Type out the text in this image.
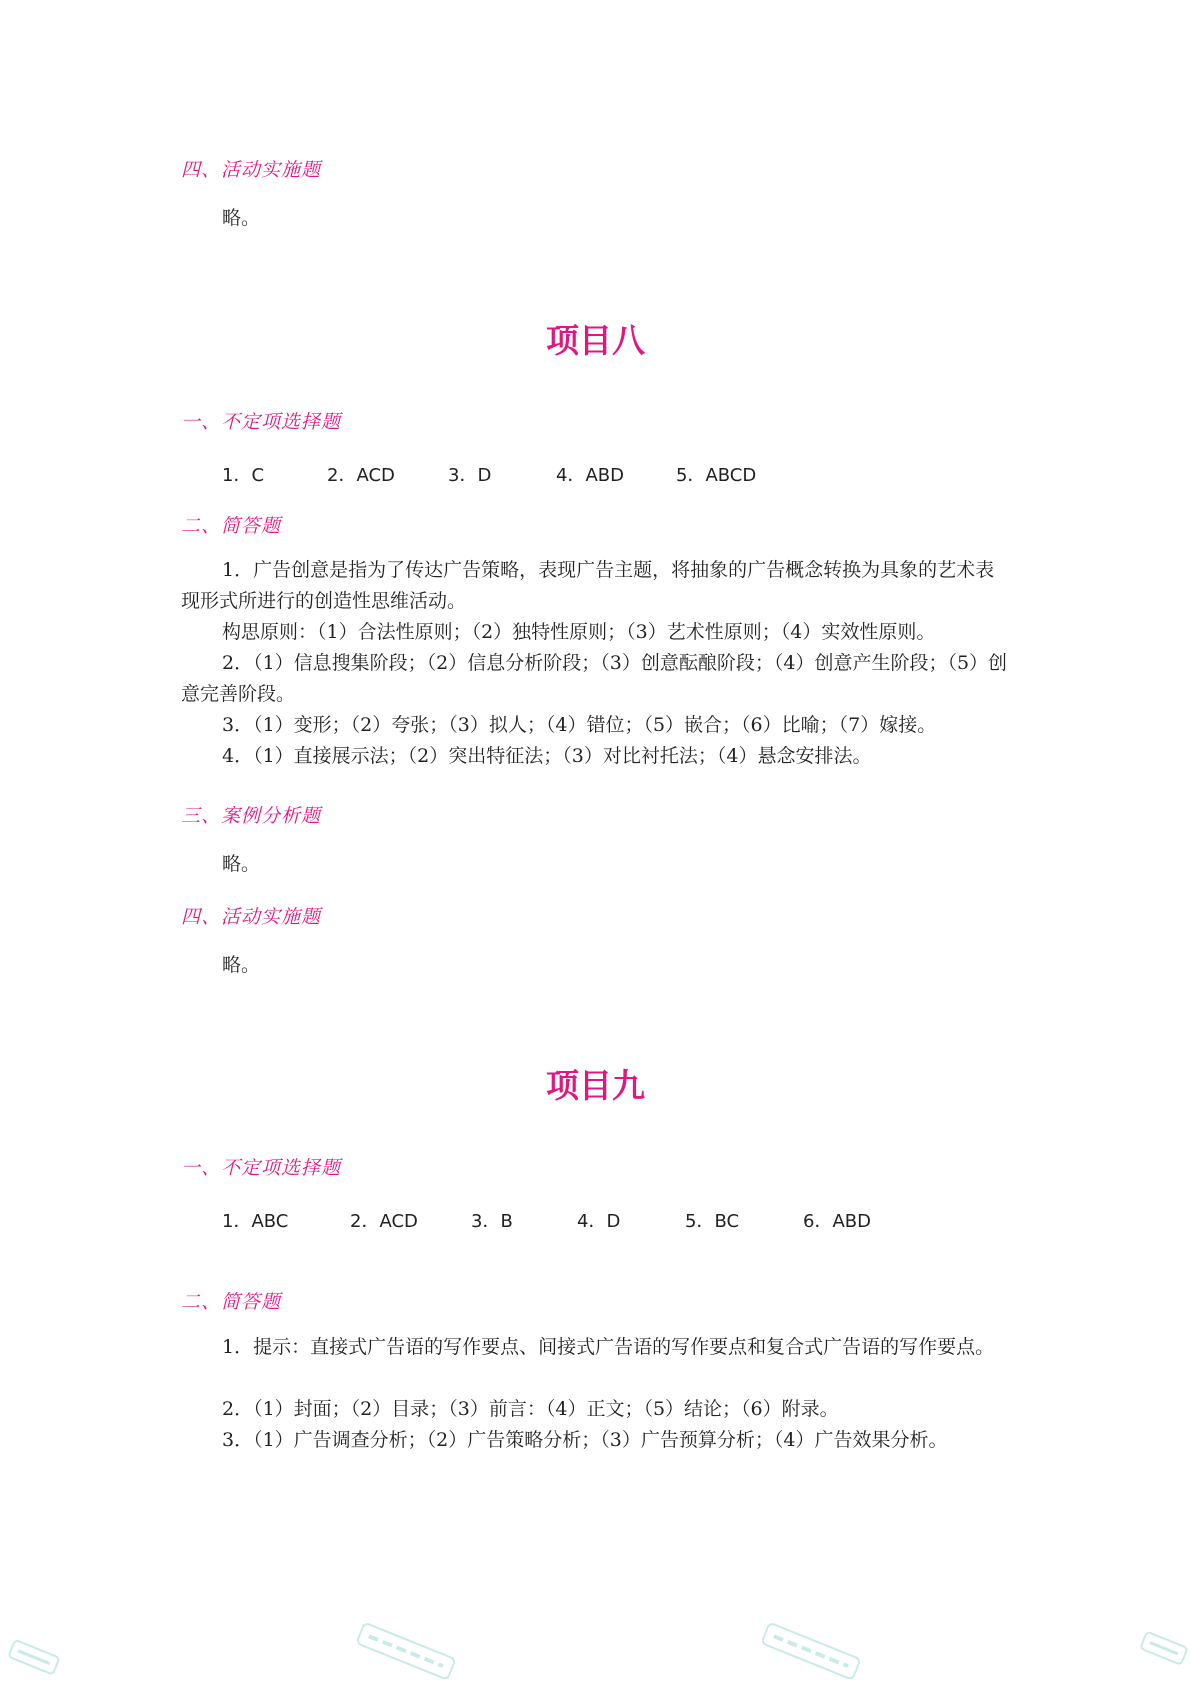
四、活动实施题
略。
项目八
一、不定项选择题
1．C	2．ACD	3．D	4．ABD	5．ABCD
二、简答题
1．广告创意是指为了传达广告策略，表现广告主题，将抽象的广告概念转换为具象的艺术表现形式所进行的创造性思维活动。
构思原则：（1）合法性原则；（2）独特性原则；（3）艺术性原则；（4）实效性原则。
2．（1）信息搜集阶段；（2）信息分析阶段；（3）创意酝酿阶段；（4）创意产生阶段；（5）创意完善阶段。
3．（1）变形；（2）夸张；（3）拟人；（4）错位；（5）嵌合；（6）比喻；（7）嫁接。
4．（1）直接展示法；（2）突出特征法；（3）对比衬托法；（4）悬念安排法。
三、案例分析题
略。
四、活动实施题
略。
项目九
一、不定项选择题
1．ABC	2．ACD	3．B	4．D	5．BC	6．ABD
二、简答题
1．提示：直接式广告语的写作要点、间接式广告语的写作要点和复合式广告语的写作要点。
2．（1）封面；（2）目录；（3）前言：（4）正文；（5）结论；（6）附录。
3．（1）广告调查分析；（2）广告策略分析；（3）广告预算分析；（4）广告效果分析。
